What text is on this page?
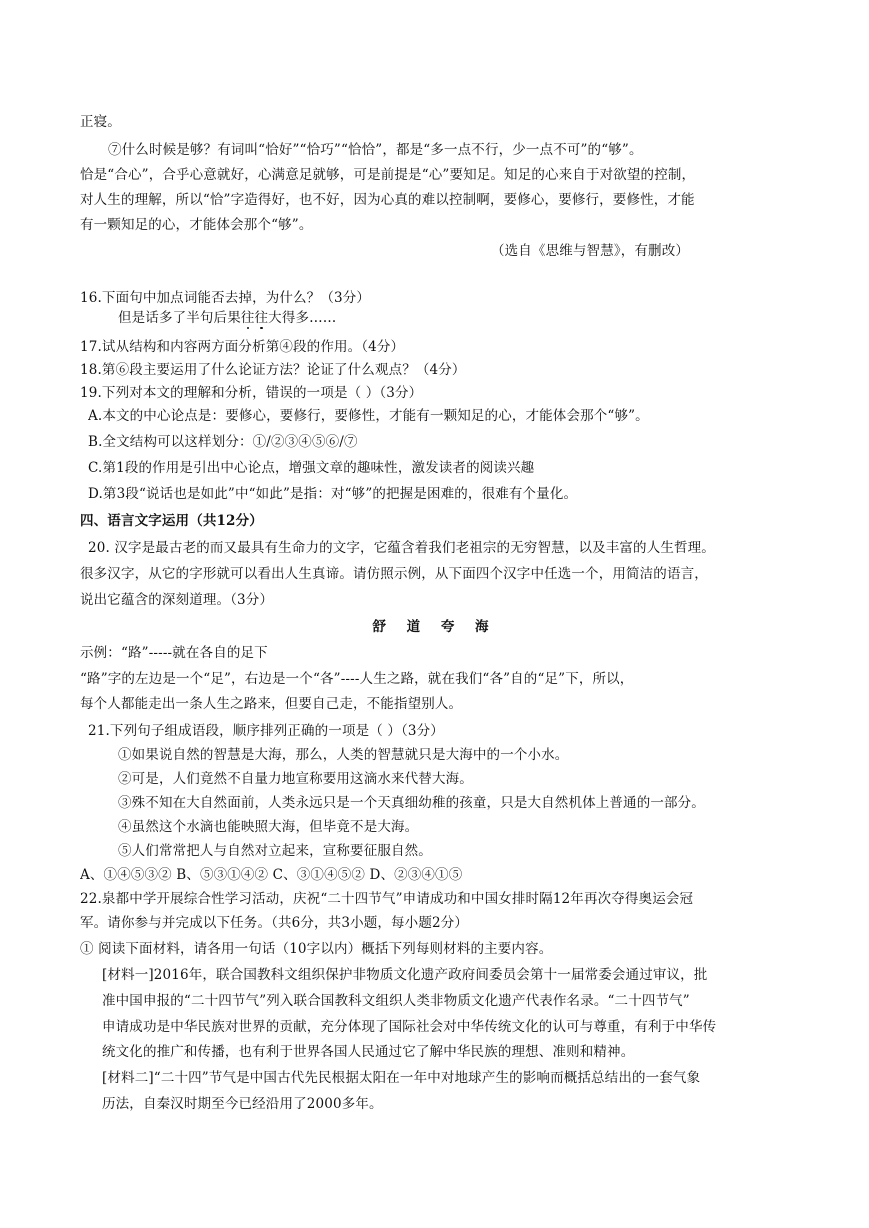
正寝。
⑦什么时候是够？有词叫“恰好”“恰巧”“恰恰”，都是“多一点不行，少一点不可”的“够”。
恰是“合心”，合乎心意就好，心满意足就够，可是前提是“心”要知足。知足的心来自于对欲望的控制，
对人生的理解，所以“恰”字造得好，也不好，因为心真的难以控制啊，要修心，要修行，要修性，才能
有一颗知足的心，才能体会那个“够”。
（选自《思维与智慧》，有删改）
16.下面句中加点词能否去掉，为什么？（3分）
但是话多了半句后果往往大得多……
17.试从结构和内容两方面分析第④段的作用。（4分）
18.第⑥段主要运用了什么论证方法？论证了什么观点？（4分）
19.下列对本文的理解和分析，错误的一项是（ ）（3分）
A.本文的中心论点是：要修心，要修行，要修性，才能有一颗知足的心，才能体会那个“够”。
B.全文结构可以这样划分：①/②③④⑤⑥/⑦
C.第1段的作用是引出中心论点，增强文章的趣味性，激发读者的阅读兴趣
D.第3段“说话也是如此”中“如此”是指：对“够”的把握是困难的，很难有个量化。
四、语言文字运用（共12分）
20. 汉字是最古老的而又最具有生命力的文字，它蕴含着我们老祖宗的无穷智慧，以及丰富的人生哲理。
很多汉字，从它的字形就可以看出人生真谛。请仿照示例，从下面四个汉字中任选一个，用简洁的语言，
说出它蕴含的深刻道理。（3分）
舒 道 夸 海
示例：“路”-----就在各自的足下
“路”字的左边是一个“足”，右边是一个“各”----人生之路，就在我们“各”自的“足”下，所以，
每个人都能走出一条人生之路来，但要自己走，不能指望别人。
21.下列句子组成语段，顺序排列正确的一项是（ ）（3分）
①如果说自然的智慧是大海，那么，人类的智慧就只是大海中的一个小水。
②可是，人们竟然不自量力地宣称要用这滴水来代替大海。
③殊不知在大自然面前，人类永远只是一个天真细幼稚的孩童，只是大自然机体上普通的一部分。
④虽然这个水滴也能映照大海，但毕竟不是大海。
⑤人们常常把人与自然对立起来，宣称要征服自然。
A、①④⑤③② B、⑤③①④② C、③①④⑤② D、②③④①⑤
22.泉都中学开展综合性学习活动，庆祝“二十四节气”申请成功和中国女排时隔12年再次夺得奥运会冠
军。请你参与并完成以下任务。（共6分，共3小题，每小题2分）
① 阅读下面材料，请各用一句话（10字以内）概括下列每则材料的主要内容。
[材料一]2016年，联合国教科文组织保护非物质文化遗产政府间委员会第十一届常委会通过审议，批
准中国申报的“二十四节气”列入联合国教科文组织人类非物质文化遗产代表作名录。“二十四节气”
申请成功是中华民族对世界的贡献，充分体现了国际社会对中华传统文化的认可与尊重，有利于中华传
统文化的推广和传播，也有利于世界各国人民通过它了解中华民族的理想、准则和精神。
[材料二]“二十四”节气是中国古代先民根据太阳在一年中对地球产生的影响而概括总结出的一套气象
历法，自秦汉时期至今已经沿用了2000多年。
